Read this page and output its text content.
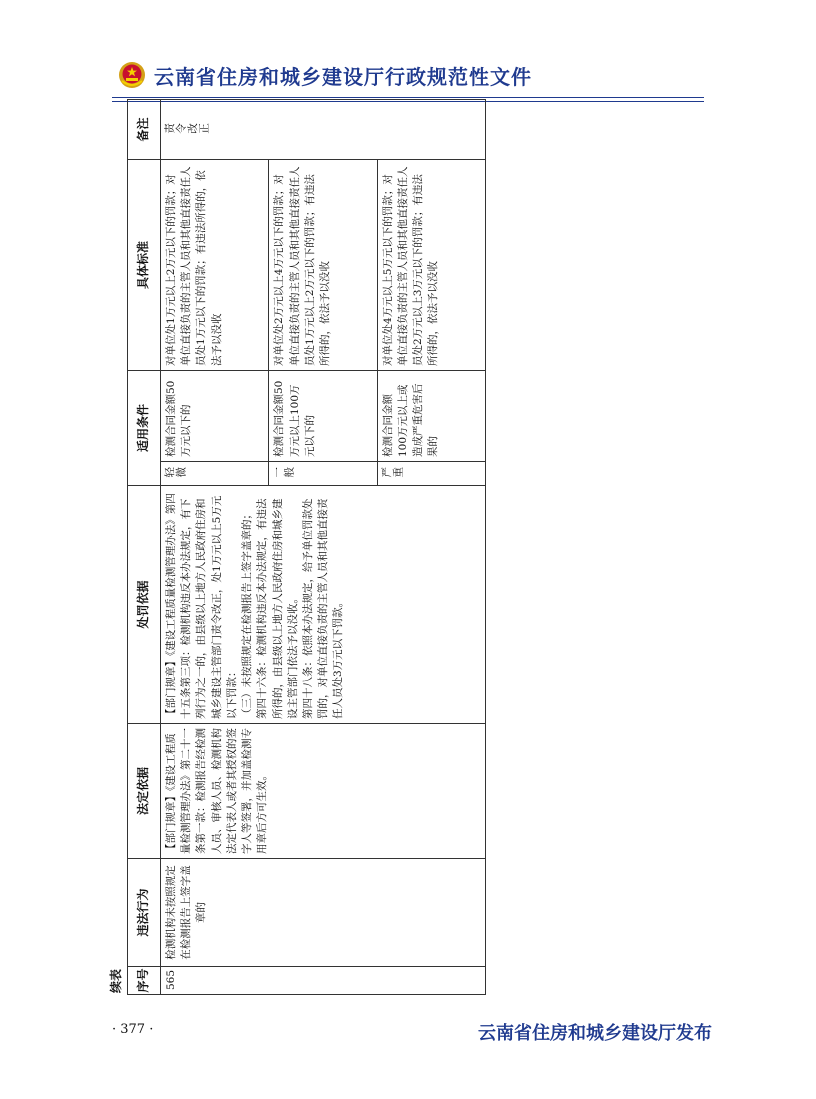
云南省住房和城乡建设厅行政规范性文件
续表 序号	违法行为	法定依据	处罚依据	适用条件		具体标准	备注
565	检测机构未按照规定在检测报告上签字盖章的	【部门规章】《建设工程质量检测管理办法》第二十一条第一款：检测报告经检测人员、审核人员、检测机构法定代表人或者其授权的签字人等签署，并加盖检测专用章后方可生效。	【部门规章】《建设工程质量检测管理办法》第四十五条第三项：检测机构违反本办法规定，有下列行为之一的，由县级以上地方人民政府住房和城乡建设主管部门责令改正，处1万元以上5万元以下罚款： （三）未按照规定在检测报告上签字盖章的； 第四十六条：检测机构违反本办法规定，有违法所得的，由县级以上地方人民政府住房和城乡建设主管部门依法予以没收。 第四十八条：依照本办法规定，给予单位罚款处罚的，对单位直接负责的主管人员和其他直接责任人员处3万元以下罚款。	轻微	检测合同金额50万元以下的	对单位处1万元以上2万元以下的罚款；对单位直接负责的主管人员和其他直接责任人员处1万元以下的罚款；有违法所得的，依法予以没收	责令改正
				一般	检测合同金额50万元以上100万元以下的	对单位处2万元以上4万元以下的罚款；对单位直接负责的主管人员和其他直接责任人员处1万元以上2万元以下的罚款；有违法所得的，依法予以没收	
				严重	检测合同金额100万元以上或造成严重危害后果的	对单位处4万元以上5万元以下的罚款；对单位直接负责的主管人员和其他直接责任人员处2万元以上3万元以下的罚款；有违法所得的，依法予以没收	
· 377 ·	云南省住房和城乡建设厅发布
